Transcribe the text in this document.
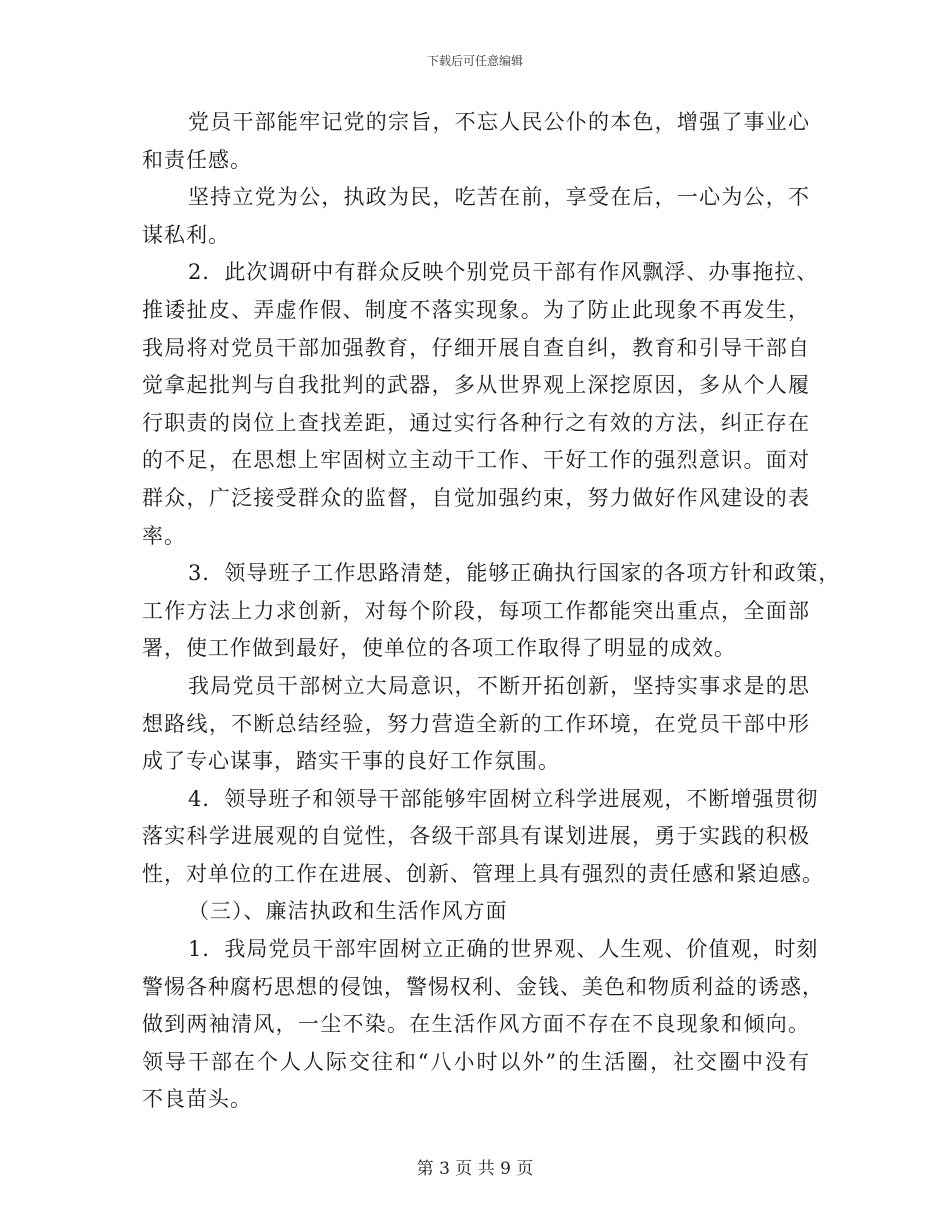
下载后可任意编辑
党员干部能牢记党的宗旨，不忘人民公仆的本色，增强了事业心
和责任感。
坚持立党为公，执政为民，吃苦在前，享受在后，一心为公，不
谋私利。
2．此次调研中有群众反映个别党员干部有作风飘浮、办事拖拉、
推诿扯皮、弄虚作假、制度不落实现象。为了防止此现象不再发生，
我局将对党员干部加强教育，仔细开展自查自纠，教育和引导干部自
觉拿起批判与自我批判的武器，多从世界观上深挖原因，多从个人履
行职责的岗位上查找差距，通过实行各种行之有效的方法，纠正存在
的不足，在思想上牢固树立主动干工作、干好工作的强烈意识。面对
群众，广泛接受群众的监督，自觉加强约束，努力做好作风建设的表
率。
3．领导班子工作思路清楚，能够正确执行国家的各项方针和政策，
工作方法上力求创新，对每个阶段，每项工作都能突出重点，全面部
署，使工作做到最好，使单位的各项工作取得了明显的成效。
我局党员干部树立大局意识，不断开拓创新，坚持实事求是的思
想路线，不断总结经验，努力营造全新的工作环境，在党员干部中形
成了专心谋事，踏实干事的良好工作氛围。
4．领导班子和领导干部能够牢固树立科学进展观，不断增强贯彻
落实科学进展观的自觉性，各级干部具有谋划进展，勇于实践的积极
性，对单位的工作在进展、创新、管理上具有强烈的责任感和紧迫感。
（三）、廉洁执政和生活作风方面
1．我局党员干部牢固树立正确的世界观、人生观、价值观，时刻
警惕各种腐朽思想的侵蚀，警惕权利、金钱、美色和物质利益的诱惑，
做到两袖清风，一尘不染。在生活作风方面不存在不良现象和倾向。
领导干部在个人人际交往和“八小时以外”的生活圈，社交圈中没有
不良苗头。
第 3 页 共 9 页
